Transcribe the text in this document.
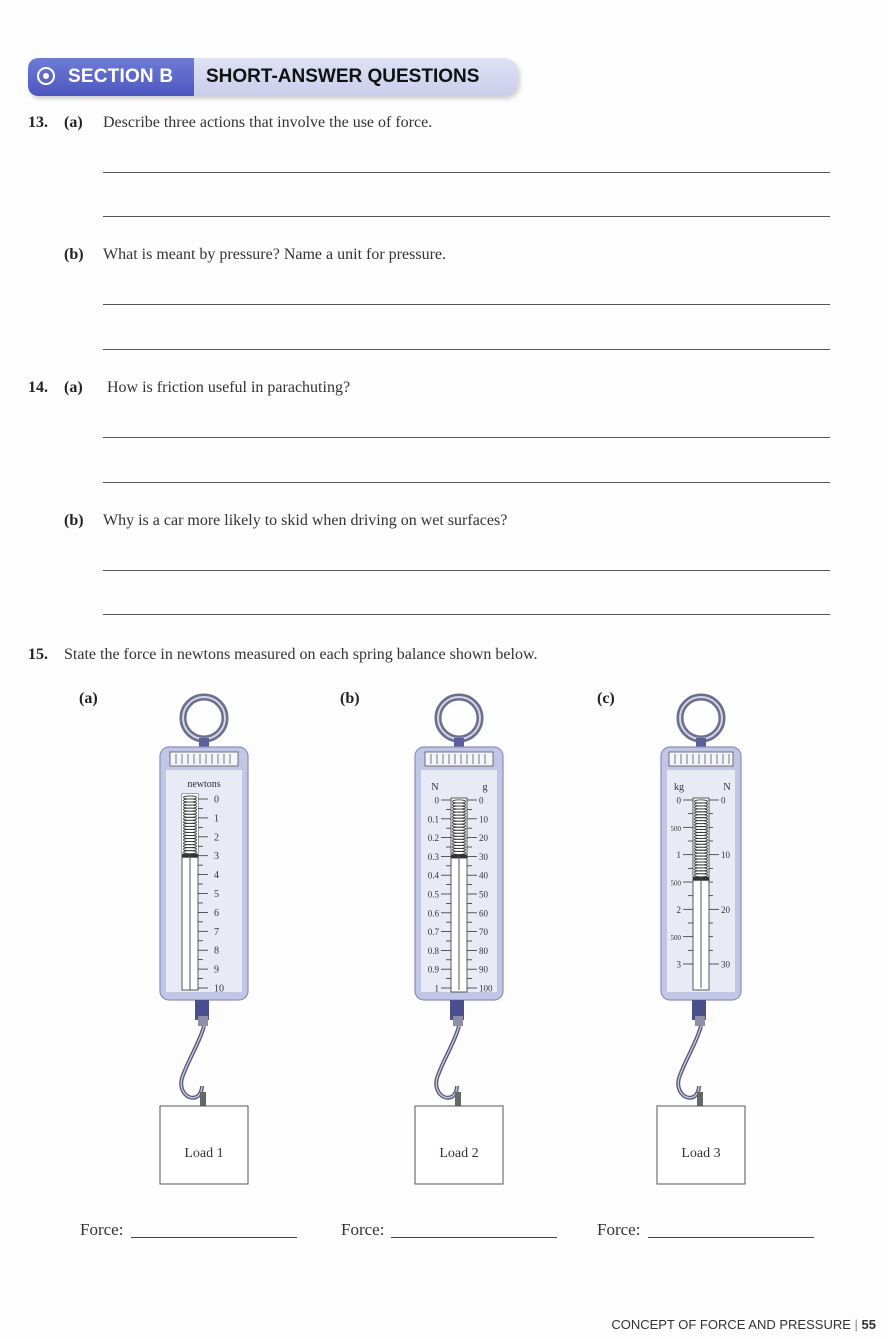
SECTION B SHORT-ANSWER QUESTIONS
13. (a) Describe three actions that involve the use of force.
(b) What is meant by pressure? Name a unit for pressure.
14. (a) How is friction useful in parachuting?
(b) Why is a car more likely to skid when driving on wet surfaces?
15. State the force in newtons measured on each spring balance shown below.
(a)	(b)	(c)
newtons
0
1
2
3
4
5
6
7
8
9
10
Load 1
N	g
0
0.1
0.2
0.3
0.4
0.5
0.6
0.7
0.8
0.9
1
0
10
20
30
40
50
60
70
80
90
100
Load 2
kg	N
0
500
1
500
2
500
3
0
10
20
30
Load 3
Force:	Force:	Force:
CONCEPT OF FORCE AND PRESSURE | 55
